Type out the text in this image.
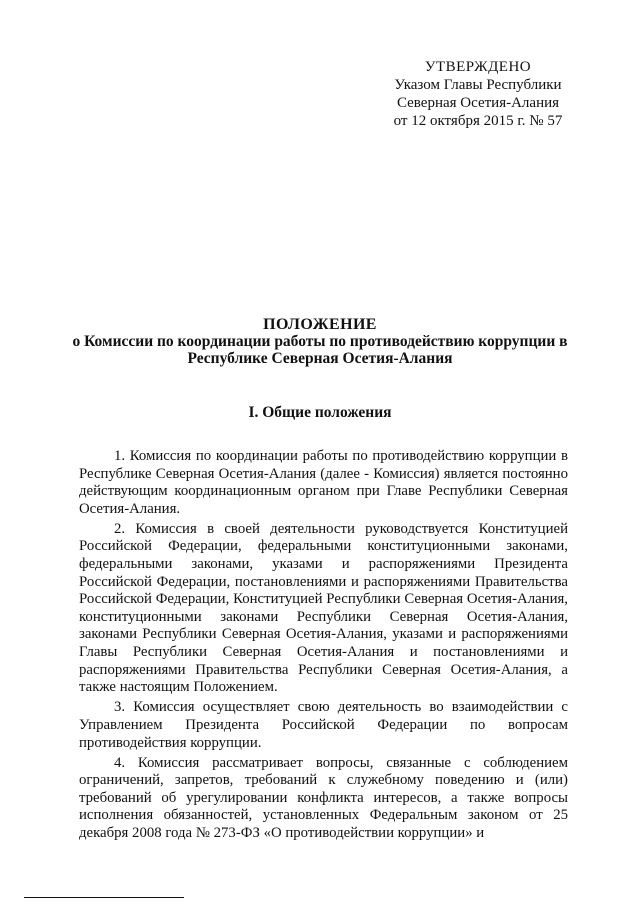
УТВЕРЖДЕНО
Указом Главы Республики
Северная Осетия-Алания
от 12 октября 2015 г. № 57
ПОЛОЖЕНИЕ
о Комиссии по координации работы по противодействию коррупции в
Республике Северная Осетия-Алания
I. Общие положения

1. Комиссия по координации работы по противодействию коррупции в Республике Северная Осетия-Алания (далее - Комиссия) является постоянно действующим координационным органом при Главе Республики Северная Осетия-Алания.

2. Комиссия в своей деятельности руководствуется Конституцией Российской Федерации, федеральными конституционными законами, федеральными законами, указами и распоряжениями Президента Российской Федерации, постановлениями и распоряжениями Правительства Российской Федерации, Конституцией Республики Северная Осетия-Алания, конституционными законами Республики Северная Осетия-Алания, законами Республики Северная Осетия-Алания, указами и распоряжениями Главы Республики Северная Осетия-Алания и постановлениями и распоряжениями Правительства Республики Северная Осетия-Алания, а также настоящим Положением.

3. Комиссия осуществляет свою деятельность во взаимодействии с Управлением Президента Российской Федерации по вопросам противодействия коррупции.

4. Комиссия рассматривает вопросы, связанные с соблюдением ограничений, запретов, требований к служебному поведению и (или) требований об урегулировании конфликта интересов, а также вопросы исполнения обязанностей, установленных Федеральным законом от 25 декабря 2008 года № 273-ФЗ «О противодействии коррупции» и
